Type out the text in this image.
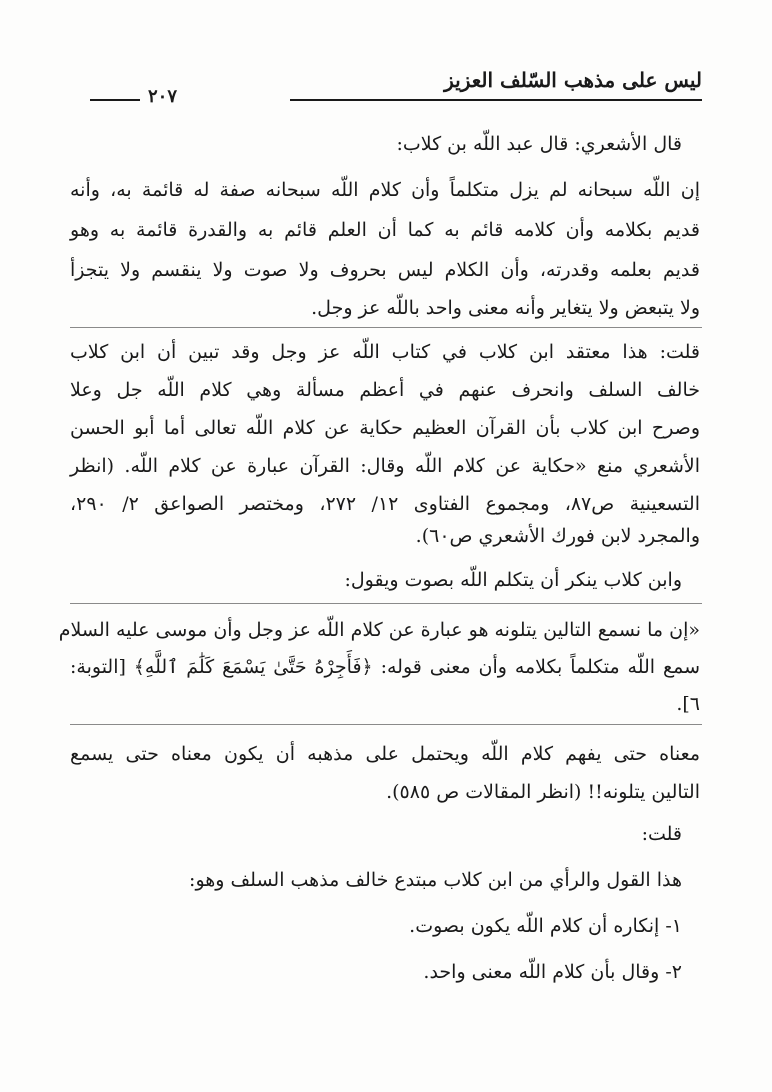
ليس على مذهب السّلف العزيز
٢٠٧
قال الأشعري: قال عبد اللّه بن كلاب:
إن اللّه سبحانه لم يزل متكلماً وأن كلام اللّه سبحانه صفة له قائمة به، وأنه
قديم بكلامه وأن كلامه قائم به كما أن العلم قائم به والقدرة قائمة به وهو
قديم بعلمه وقدرته، وأن الكلام ليس بحروف ولا صوت ولا ينقسم ولا يتجزأ
ولا يتبعض ولا يتغاير وأنه معنى واحد باللّه عز وجل.
قلت: هذا معتقد ابن كلاب في كتاب اللّه عز وجل وقد تبين أن ابن كلاب
خالف السلف وانحرف عنهم في أعظم مسألة وهي كلام اللّه جل وعلا
وصرح ابن كلاب بأن القرآن العظيم حكاية عن كلام اللّه تعالى أما أبو الحسن
الأشعري منع «حكاية عن كلام اللّه وقال: القرآن عبارة عن كلام اللّه. (انظر
التسعينية ص٨٧، ومجموع الفتاوى ١٢/ ٢٧٢، ومختصر الصواعق ٢/ ٢٩٠،
والمجرد لابن فورك الأشعري ص٦٠).
وابن كلاب ينكر أن يتكلم اللّه بصوت ويقول:
«إن ما نسمع التالين يتلونه هو عبارة عن كلام اللّه عز وجل وأن موسى عليه السلام
سمع اللّه متكلماً بكلامه وأن معنى قوله: ﴿فَأَجِرْهُ حَتَّىٰ يَسْمَعَ كَلَٰمَ ٱللَّهِ﴾ [التوبة:
٦].
معناه حتى يفهم كلام اللّه ويحتمل على مذهبه أن يكون معناه حتى يسمع
التالين يتلونه!! (انظر المقالات ص ٥٨٥).
قلت:
هذا القول والرأي من ابن كلاب مبتدع خالف مذهب السلف وهو:
١- إنكاره أن كلام اللّه يكون بصوت.
٢- وقال بأن كلام اللّه معنى واحد.
